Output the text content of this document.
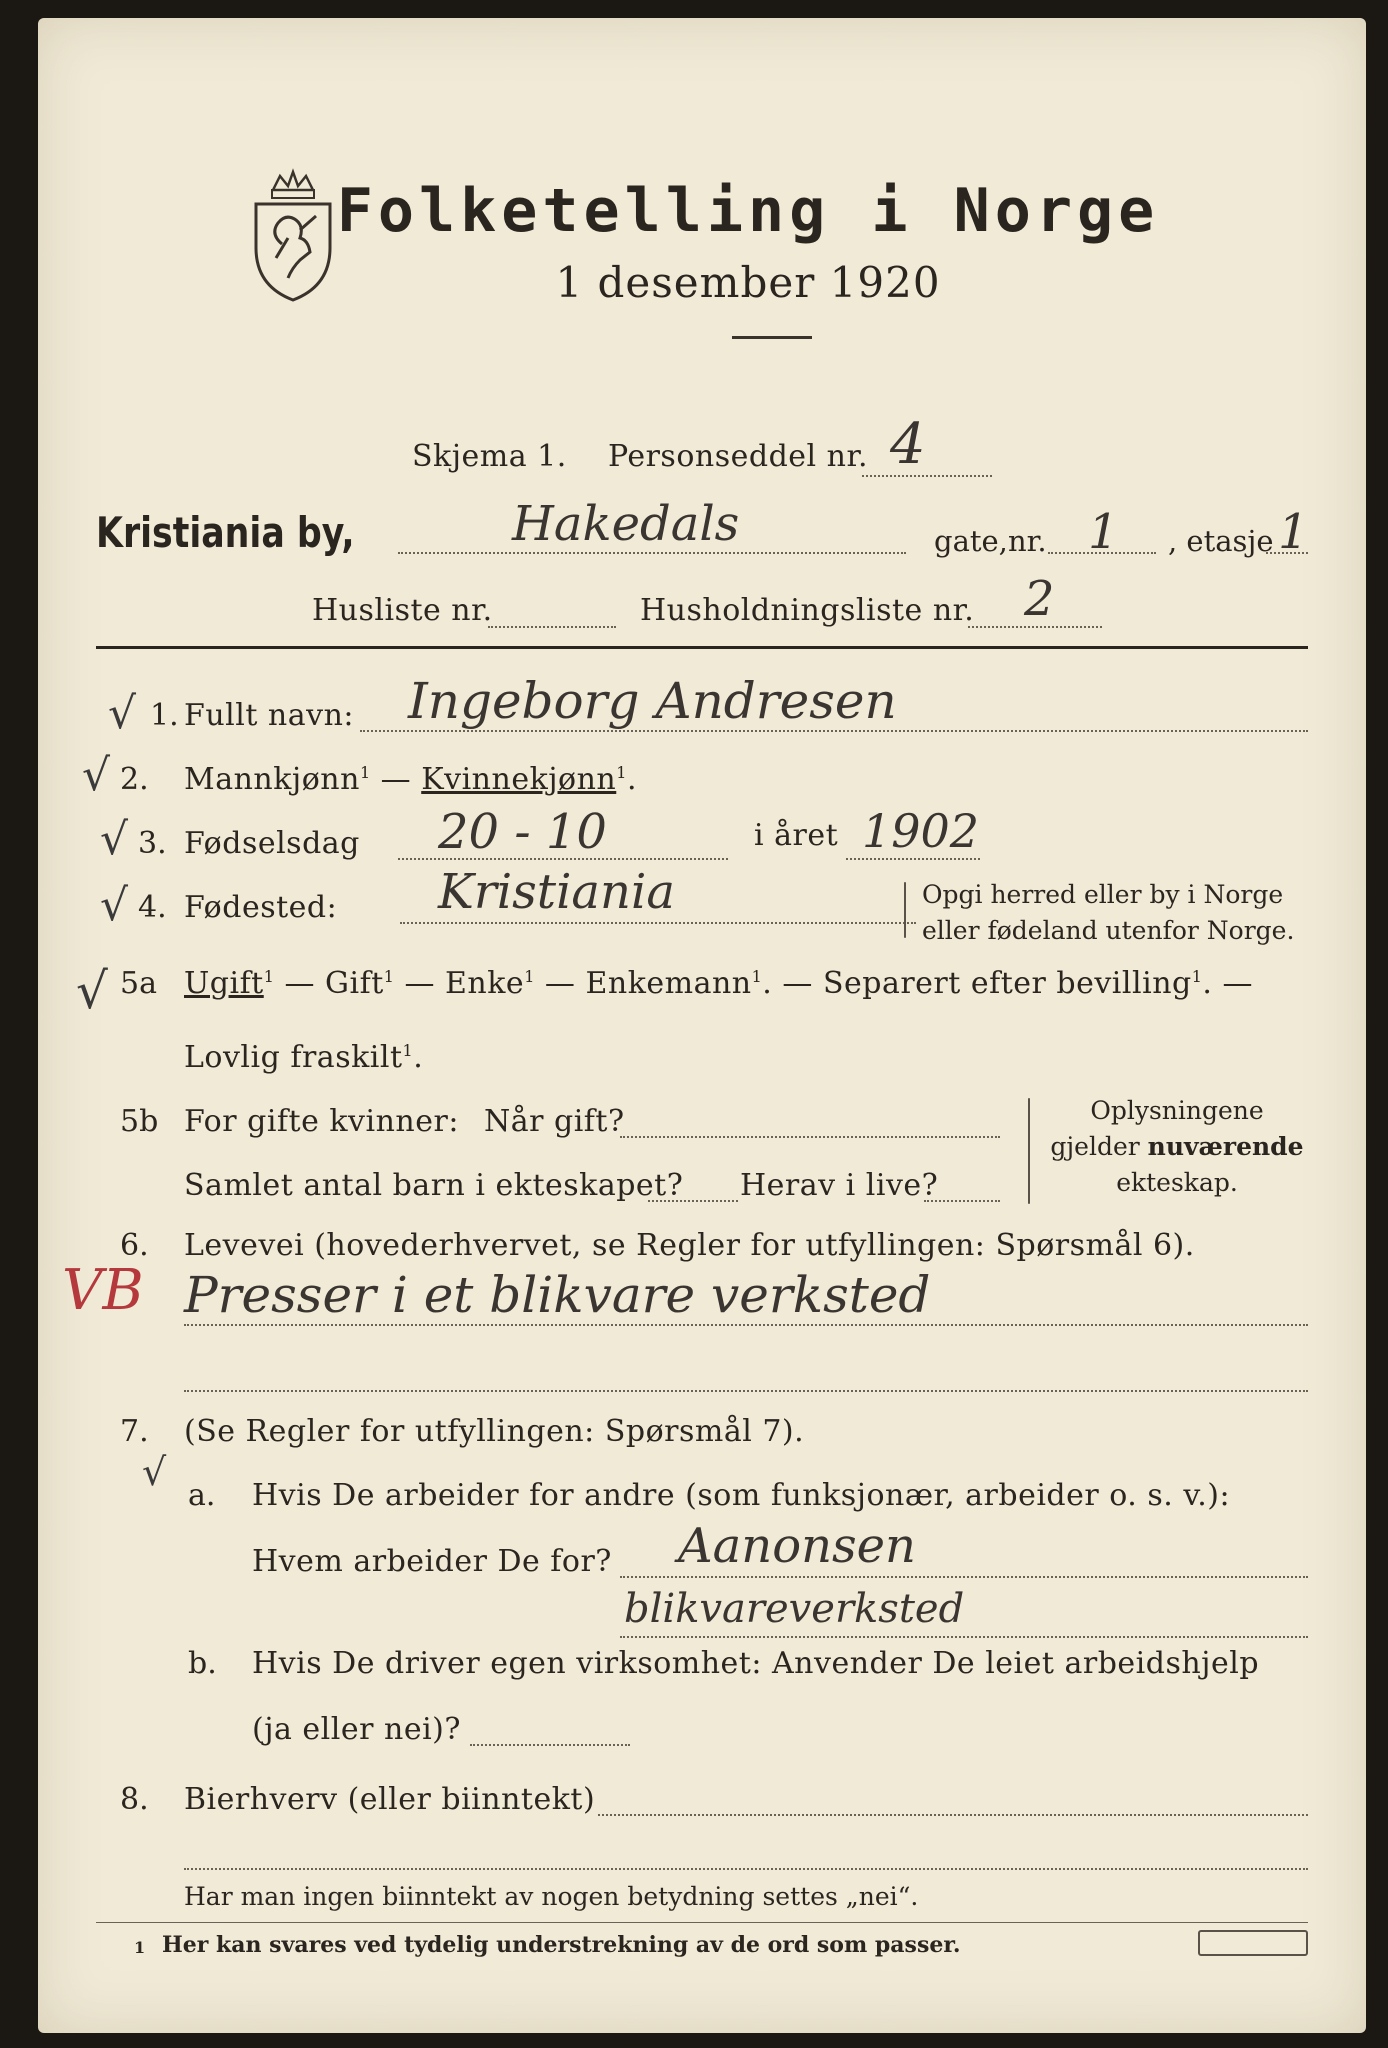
Folketelling i Norge
1 desember 1920
Skjema 1. Personseddel nr. 4
Kristiania by,	Hakedals	gate, nr. 1 , etasje 1
Husliste nr.	Husholdningsliste nr. 2
1. Fullt navn: Ingeborg Andresen
√
2.
√ Mannkjønn$^1$ — Kvinnekjønn$^1$.
3.
√ Fødselsdag 20 - 10	i året 1902
4.
√ Fødested: Kristiania	Opgi herred eller by i Norge
eller fødeland utenfor Norge.
5a
√	Ugift$^1$ — Gift$^1$ — Enke$^1$ — Enkemann$^1$. — Separert efter bevilling$^1$. —
Lovlig fraskilt$^1$.
5b For gifte kvinner: Når gift?
Samlet antal barn i ekteskapet? Herav i live?
Oplysningene
gjelder nuværende
ekteskap.
6. Levevei (hovederhvervet, se Regler for utfyllingen: Spørsmål 6).
VB Presser i et blikvare verksted
7. (Se Regler for utfyllingen: Spørsmål 7).
√
a. Hvis De arbeider for andre (som funksjonær, arbeider o. s. v.):
Hvem arbeider De for? Aanonsen
blikvareverksted
b. Hvis De driver egen virksomhet: Anvender De leiet arbeidshjelp
(ja eller nei)?
8. Bierhverv (eller biinntekt)
Har man ingen biinntekt av nogen betydning settes „nei“.
1 Her kan svares ved tydelig understrekning av de ord som passer.
